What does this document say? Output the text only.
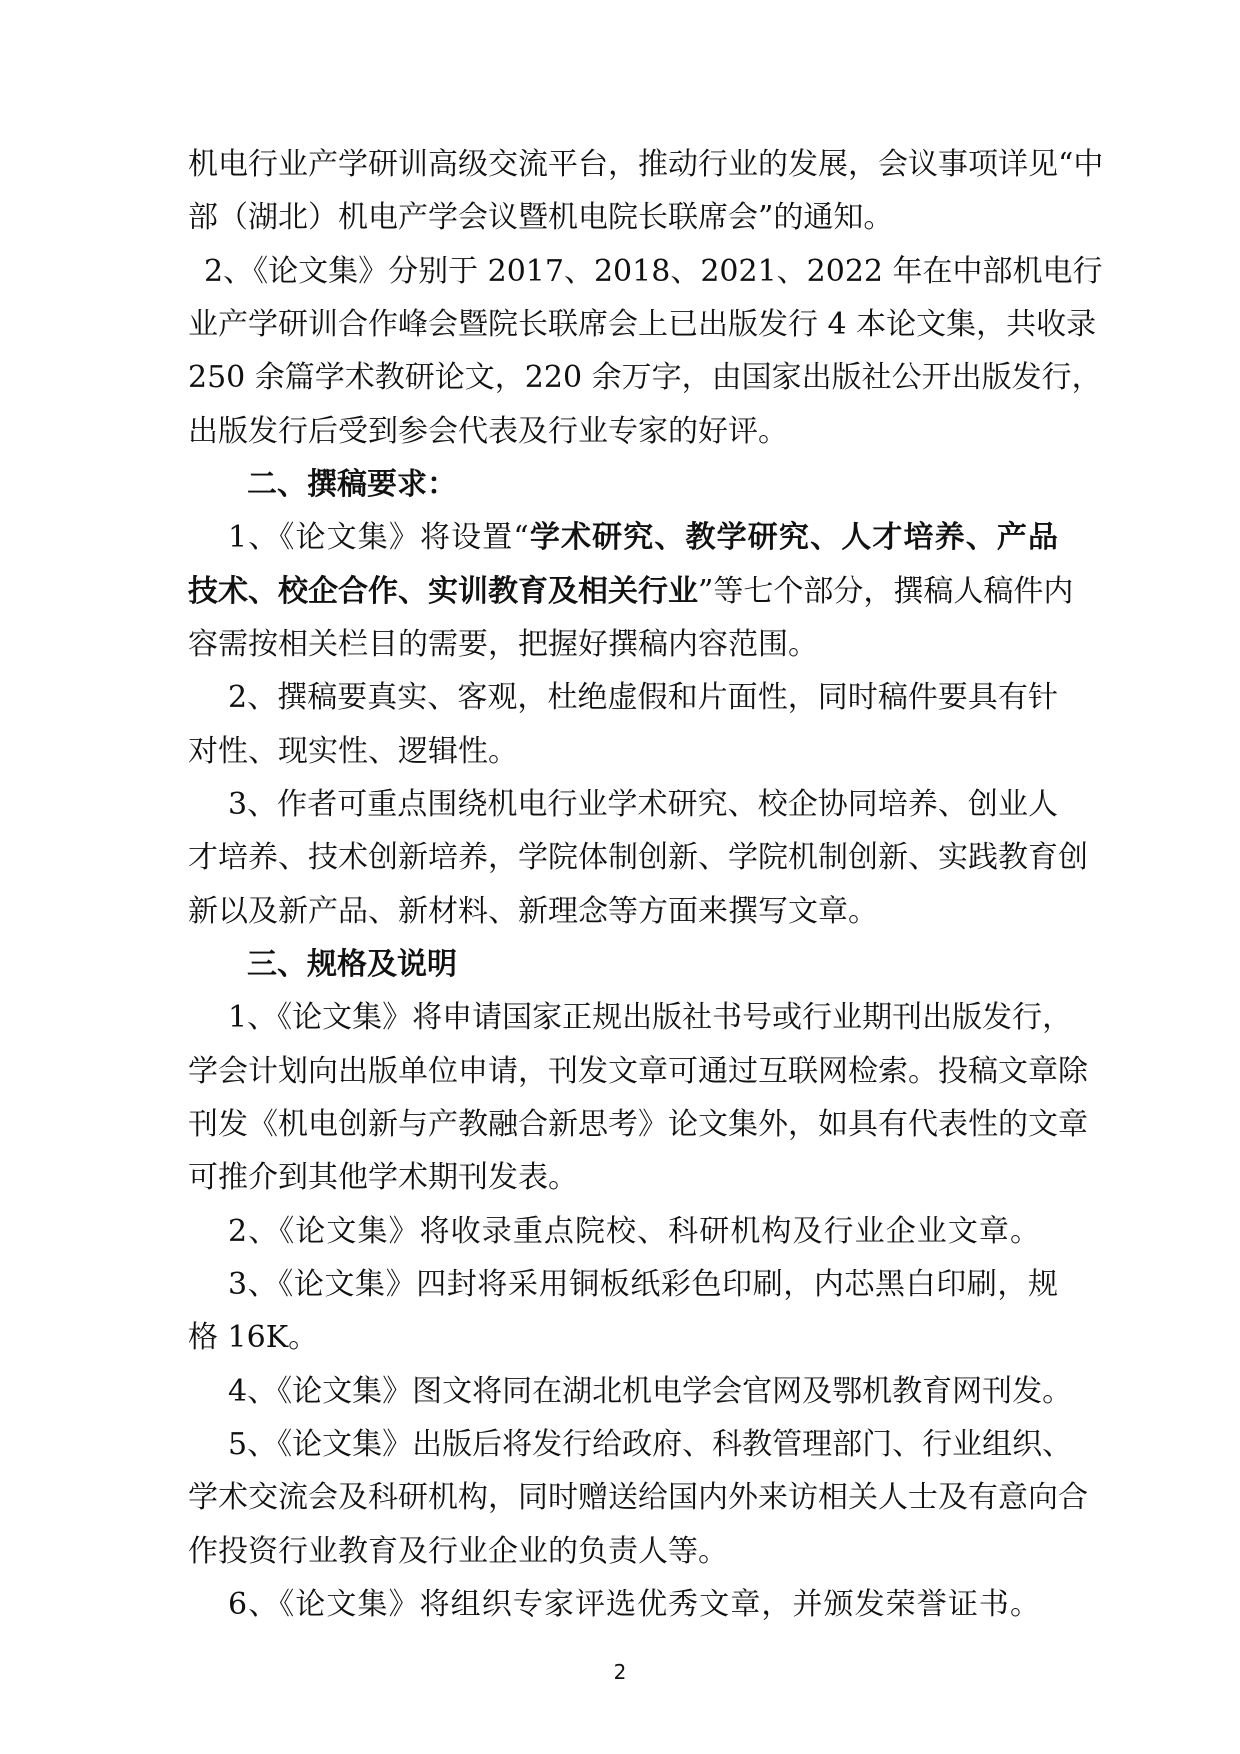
机电行业产学研训高级交流平台，推动行业的发展，会议事项详见“中
部（湖北）机电产学会议暨机电院长联席会”的通知。
2、《论文集》分别于 2017、2018、2021、2022 年在中部机电行
业产学研训合作峰会暨院长联席会上已出版发行 4 本论文集，共收录
250 余篇学术教研论文，220 余万字，由国家出版社公开出版发行，
出版发行后受到参会代表及行业专家的好评。
二、撰稿要求：
1、《论文集》将设置“学术研究、教学研究、人才培养、产品
技术、校企合作、实训教育及相关行业”等七个部分，撰稿人稿件内
容需按相关栏目的需要，把握好撰稿内容范围。
2、撰稿要真实、客观，杜绝虚假和片面性，同时稿件要具有针
对性、现实性、逻辑性。
3、作者可重点围绕机电行业学术研究、校企协同培养、创业人
才培养、技术创新培养，学院体制创新、学院机制创新、实践教育创
新以及新产品、新材料、新理念等方面来撰写文章。
三、规格及说明
1、《论文集》将申请国家正规出版社书号或行业期刊出版发行，
学会计划向出版单位申请，刊发文章可通过互联网检索。投稿文章除
刊发《机电创新与产教融合新思考》论文集外，如具有代表性的文章
可推介到其他学术期刊发表。
2、《论文集》将收录重点院校、科研机构及行业企业文章。
3、《论文集》四封将采用铜板纸彩色印刷，内芯黑白印刷，规
格 16K。
4、《论文集》图文将同在湖北机电学会官网及鄂机教育网刊发。
5、《论文集》出版后将发行给政府、科教管理部门、行业组织、
学术交流会及科研机构，同时赠送给国内外来访相关人士及有意向合
作投资行业教育及行业企业的负责人等。
6、《论文集》将组织专家评选优秀文章，并颁发荣誉证书。
2
